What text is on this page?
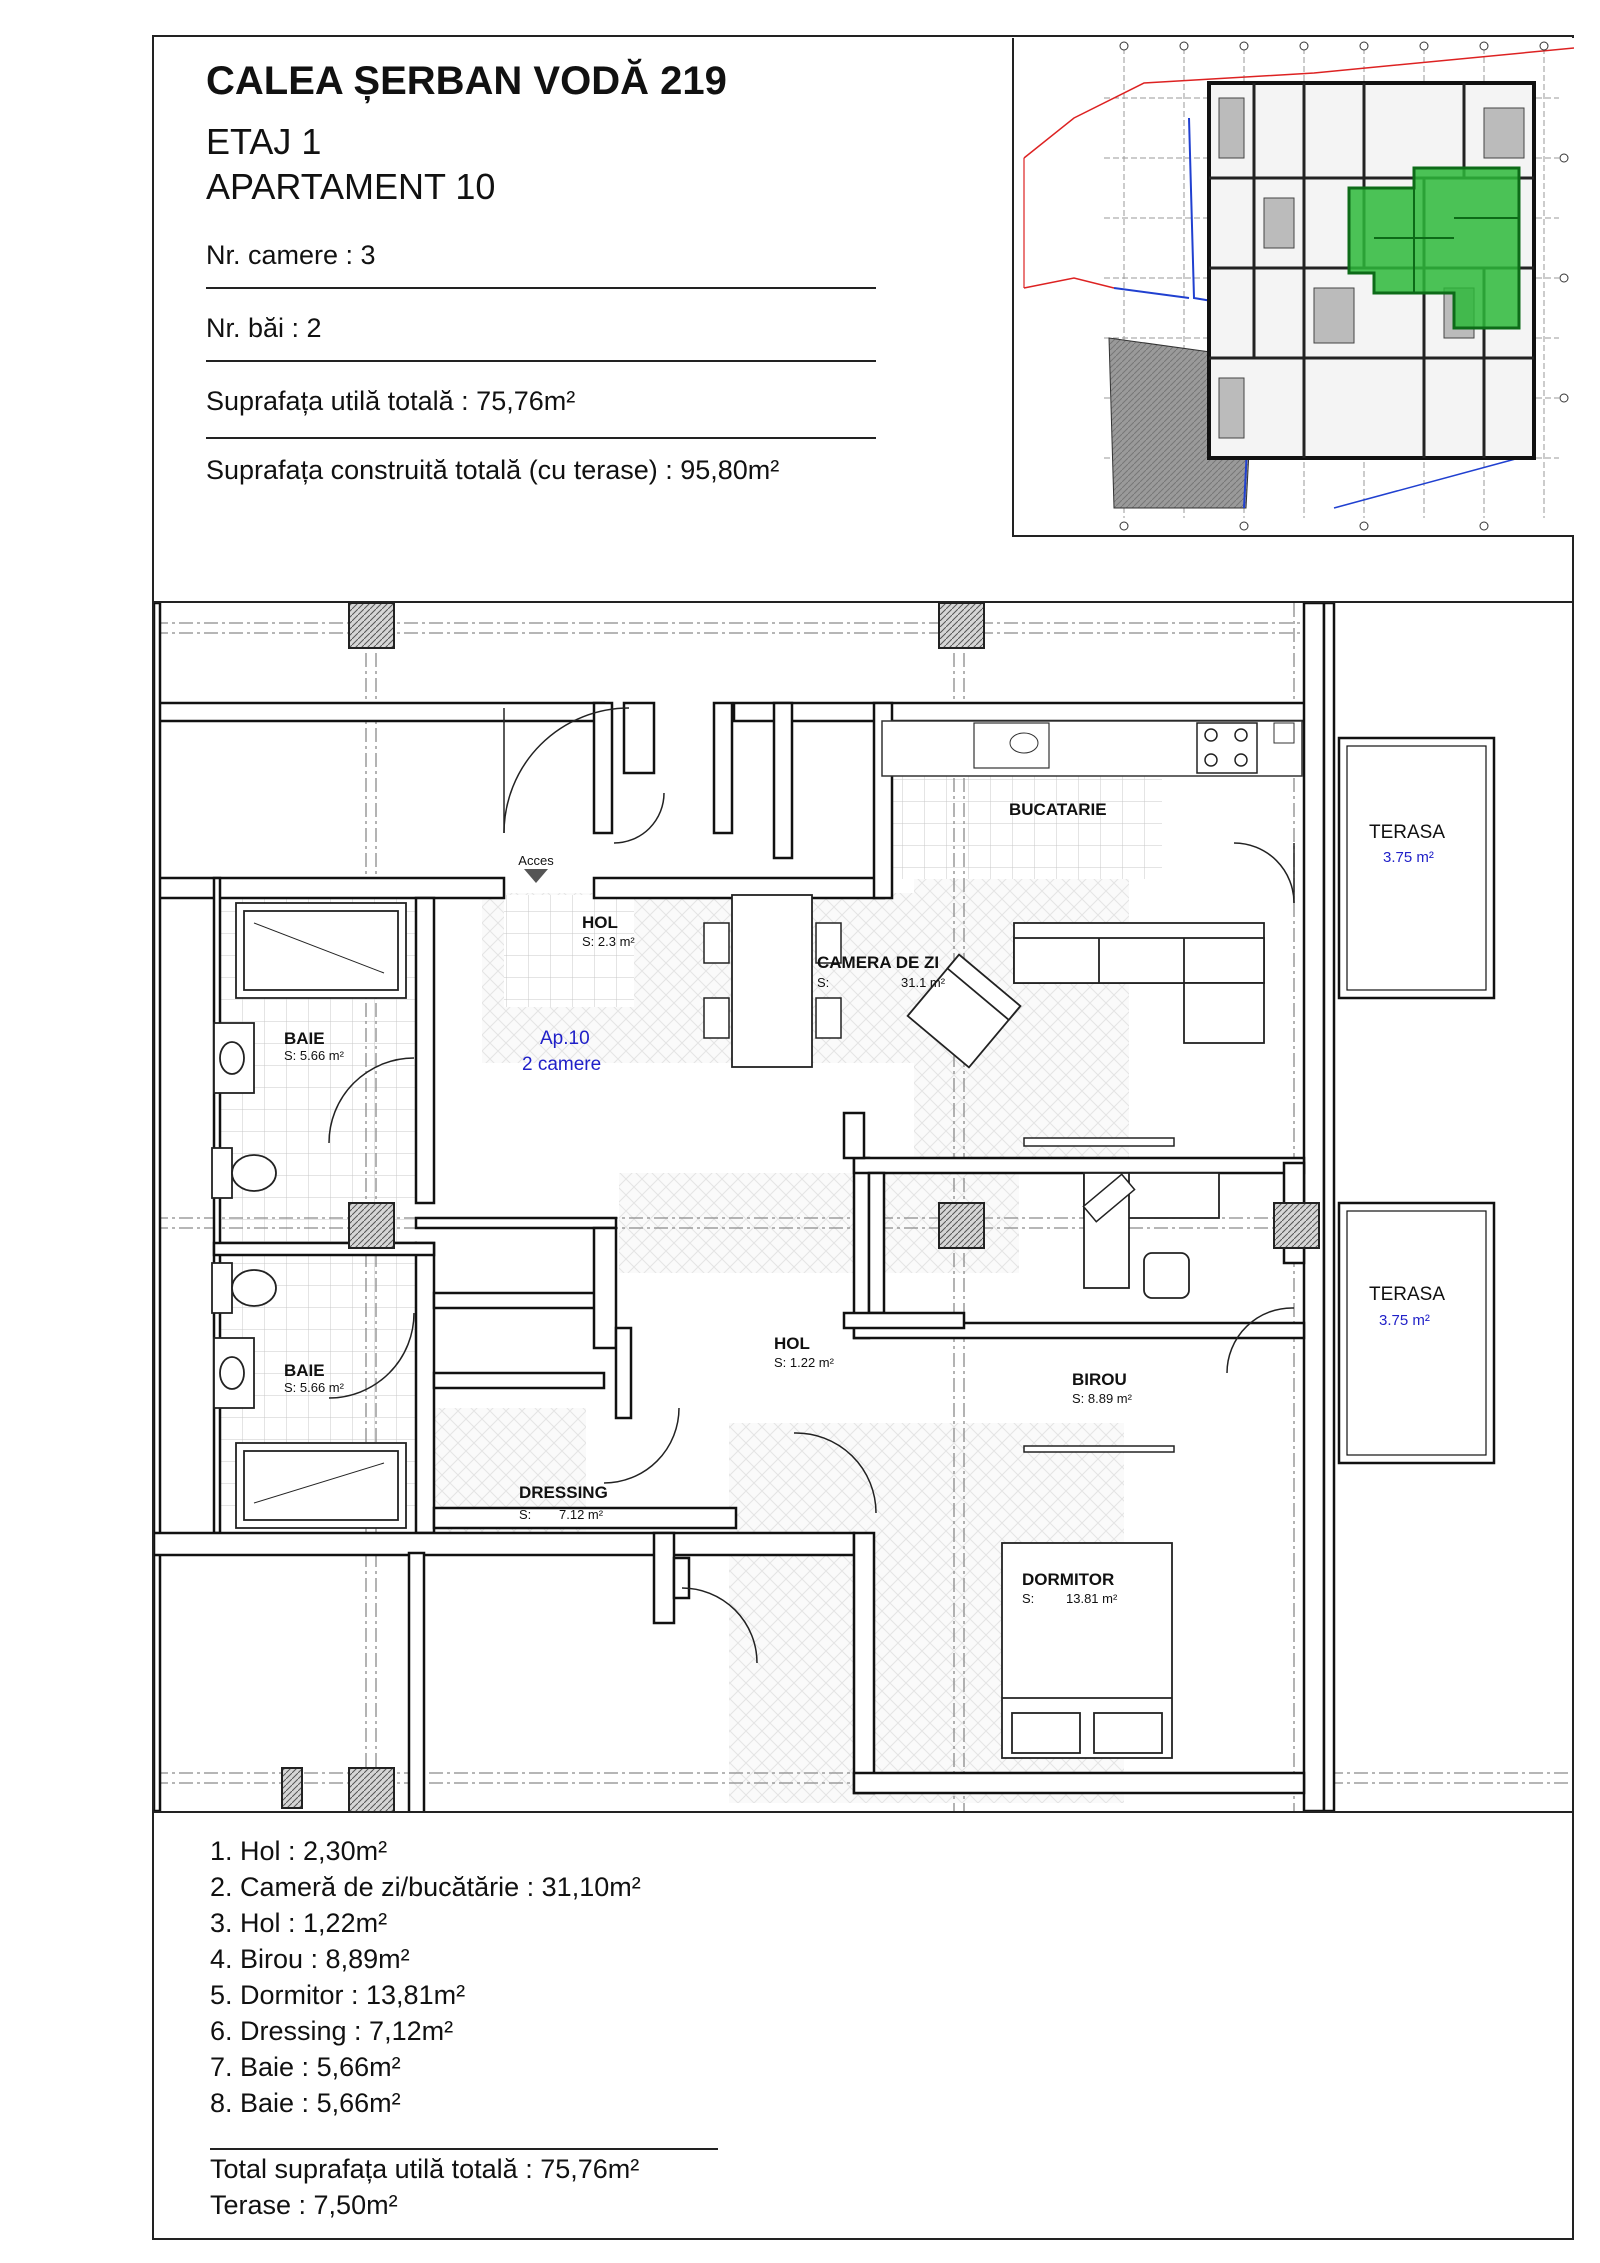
CALEA ȘERBAN VODĂ 219
ETAJ 1
APARTAMENT 10
Nr. camere : 3
Nr. băi : 2
Suprafața utilă totală : 75,76m²
Suprafața construită totală (cu terase) : 95,80m²
Acces
HOL
S: 2.3 m²
BUCATARIE
CAMERA DE ZI
S:	31.1 m²
TERASA
3.75 m²
TERASA
3.75 m²
BAIE
S: 5.66 m²
BAIE
S: 5.66 m²
Ap.10
2 camere
HOL
S: 1.22 m²
BIROU
S: 8.89 m²
DRESSING
S: 7.12 m²
DORMITOR
S: 13.81 m²
1. Hol : 2,30m²
2. Cameră de zi/bucătărie : 31,10m²
3. Hol : 1,22m²
4. Birou : 8,89m²
5. Dormitor : 13,81m²
6. Dressing : 7,12m²
7. Baie : 5,66m²
8. Baie : 5,66m²
Total suprafața utilă totală : 75,76m²
Terase : 7,50m²
